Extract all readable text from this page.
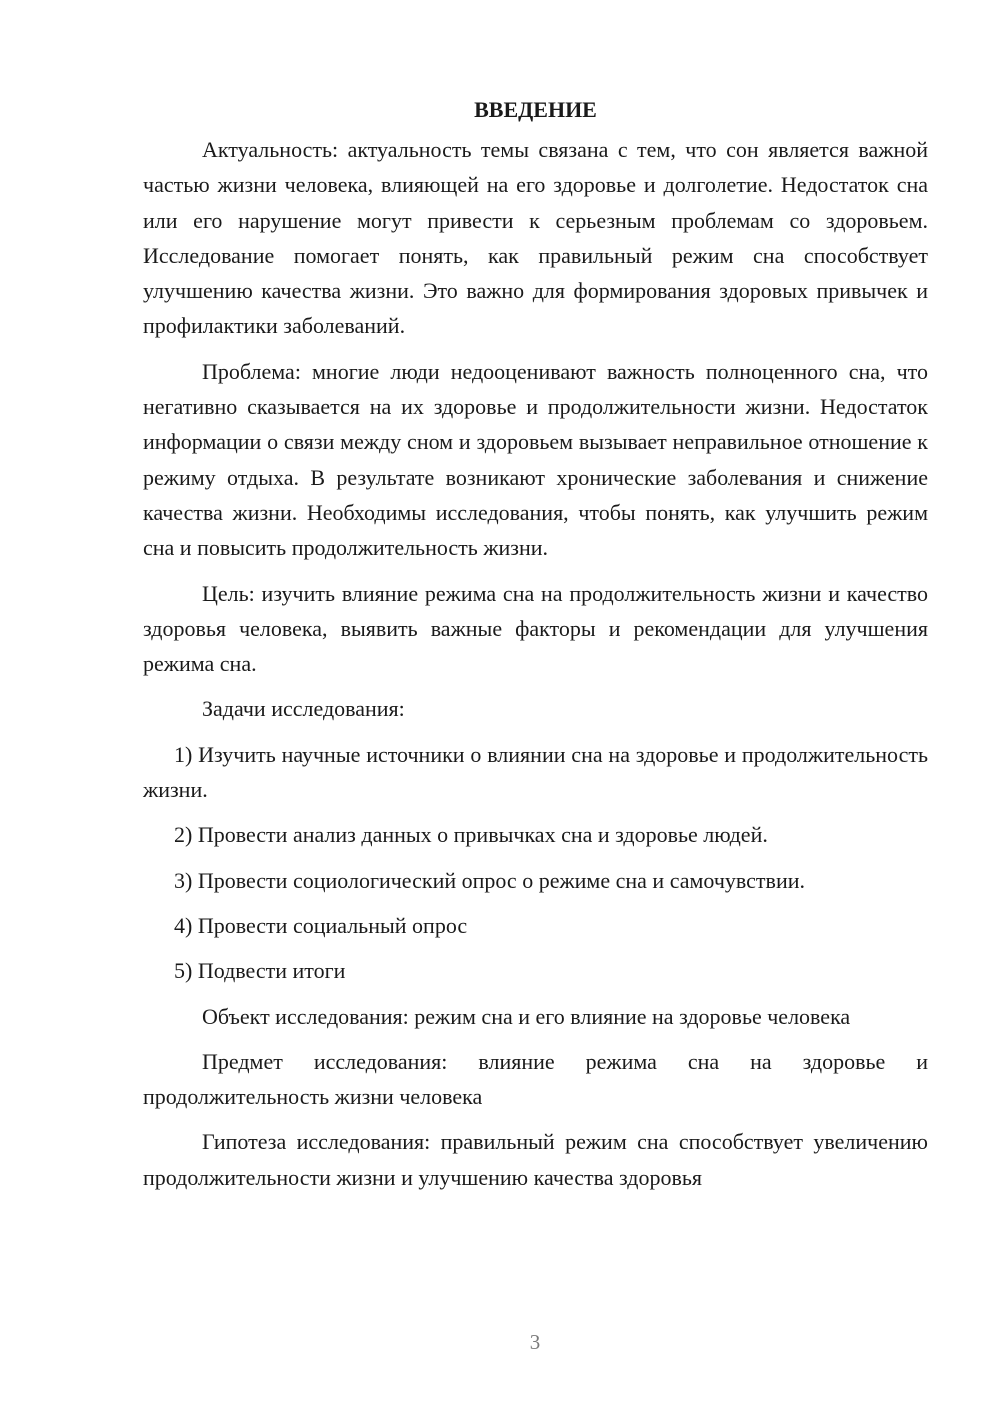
ВВЕДЕНИЕ

Актуальность: актуальность темы связана с тем, что сон является важной частью жизни человека, влияющей на его здоровье и долголетие. Недостаток сна или его нарушение могут привести к серьезным проблемам со здоровьем. Исследование помогает понять, как правильный режим сна способствует улучшению качества жизни. Это важно для формирования здоровых привычек и профилактики заболеваний.

Проблема: многие люди недооценивают важность полноценного сна, что негативно сказывается на их здоровье и продолжительности жизни. Недостаток информации о связи между сном и здоровьем вызывает неправильное отношение к режиму отдыха. В результате возникают хронические заболевания и снижение качества жизни. Необходимы исследования, чтобы понять, как улучшить режим сна и повысить продолжительность жизни.

Цель: изучить влияние режима сна на продолжительность жизни и качество здоровья человека, выявить важные факторы и рекомендации для улучшения режима сна.

Задачи исследования:

1) Изучить научные источники о влиянии сна на здоровье и продолжительность жизни.

2) Провести анализ данных о привычках сна и здоровье людей.

3) Провести социологический опрос о режиме сна и самочувствии.

4) Провести социальный опрос

5) Подвести итоги

Объект исследования: режим сна и его влияние на здоровье человека

Предмет исследования: влияние режима сна на здоровье и продолжительность жизни человека

Гипотеза исследования: правильный режим сна способствует увеличению продолжительности жизни и улучшению качества здоровья

3
